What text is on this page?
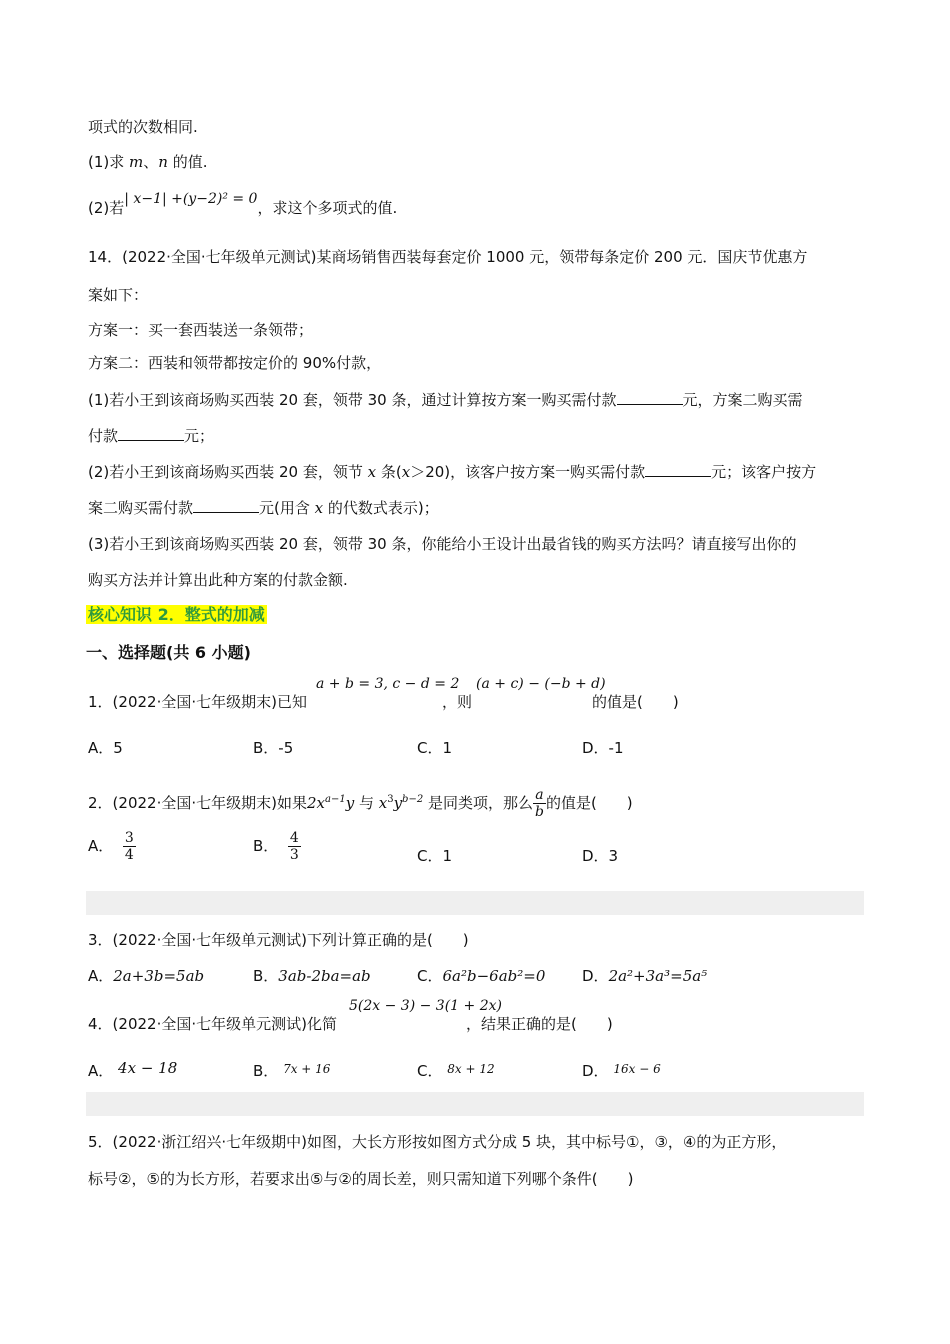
项式的次数相同.
(1)求 m、n 的值.
(2)若| x−1| +(y−2)² = 0，求这个多项式的值.
14．(2022·全国·七年级单元测试)某商场销售西装每套定价 1000 元，领带每条定价 200 元．国庆节优惠方
案如下：
方案一：买一套西装送一条领带；
方案二：西装和领带都按定价的 90%付款，
(1)若小王到该商场购买西装 20 套，领带 30 条，通过计算按方案一购买需付款	元，方案二购买需
付款	元；
(2)若小王到该商场购买西装 20 套，领节 x 条(x＞20)，该客户按方案一购买需付款	元；该客户按方
案二购买需付款	元(用含 x 的代数式表示)；
(3)若小王到该商场购买西装 20 套，领带 30 条，你能给小王设计出最省钱的购买方法吗？请直接写出你的
购买方法并计算出此种方案的付款金额.
核心知识 2．整式的加减
一、选择题(共 6 小题)
1．(2022·全国·七年级期末)已知
a + b = 3, c − d = 2
，则
(a + c) − (−b + d)
的值是(　　)
A．5	B．-5	C．1	D．-1
2．(2022·全国·七年级期末)如果$2x^{a-1}y$ 与 $x^3y^{b-2}$ 是同类项，那么 $\frac{a}{b}$ 的值是(　　)
A． $\frac{3}{4}$	B． $\frac{4}{3}$	C．1	D．3
3．(2022·全国·七年级单元测试)下列计算正确的是(　　)
A．2a+3b=5ab	B．3ab-2ba=ab	C．6a²b−6ab²=0 D．2a²+3a³=5a⁵
4．(2022·全国·七年级单元测试)化简
5(2x − 3) − 3(1 + 2x)
，结果正确的是(　　)
A． 4x − 18	B． $^{7x + 16}$	C． $^{8x + 12}$	D． $^{16x - 6}$
5．(2022·浙江绍兴·七年级期中)如图，大长方形按如图方式分成 5 块，其中标号①，③，④的为正方形，
标号②，⑤的为长方形，若要求出⑤与②的周长差，则只需知道下列哪个条件(　　)
